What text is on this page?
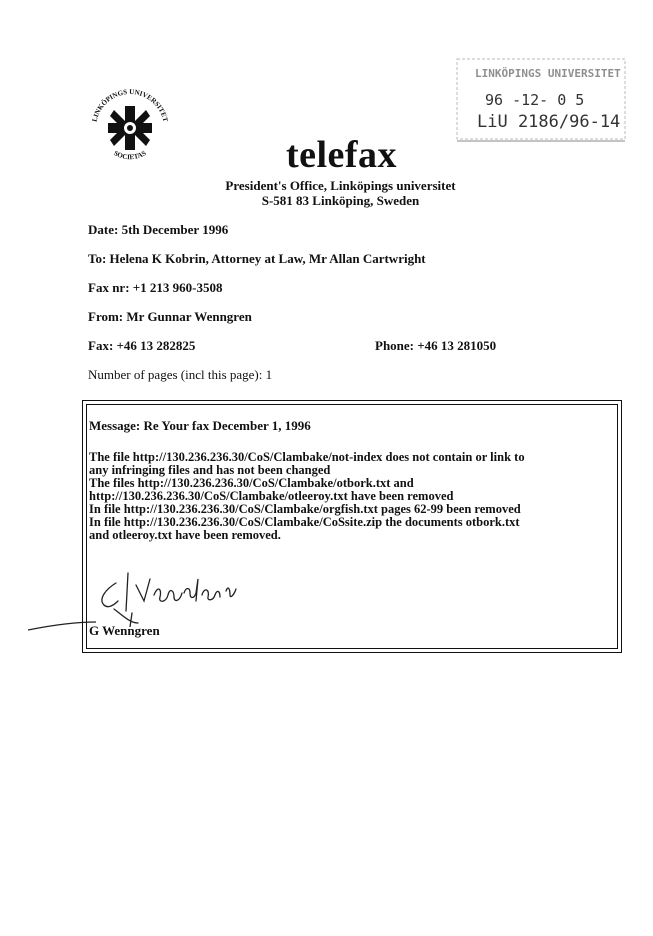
LINKÖPINGS UNIVERSITET
SOCIETAS
LINKÖPINGS UNIVERSITET
96 -12- 0 5
LiU 2186/96-14
telefax
President's Office, Linköpings universitet
S-581 83 Linköping, Sweden
Date: 5th December 1996
To: Helena K Kobrin, Attorney at Law, Mr Allan Cartwright
Fax nr: +1 213 960-3508
From: Mr Gunnar Wenngren
Fax: +46 13 282825	Phone: +46 13 281050
Number of pages (incl this page): 1
Message: Re Your fax December 1, 1996
The file http://130.236.236.30/CoS/Clambake/not-index does not contain or link to
any infringing files and has not been changed
The files http://130.236.236.30/CoS/Clambake/otbork.txt and
http://130.236.236.30/CoS/Clambake/otleeroy.txt have been removed
In file http://130.236.236.30/CoS/Clambake/orgfish.txt pages 62-99 been removed
In file http://130.236.236.30/CoS/Clambake/CoSsite.zip the documents otbork.txt
and otleeroy.txt have been removed.
G Wenngren
